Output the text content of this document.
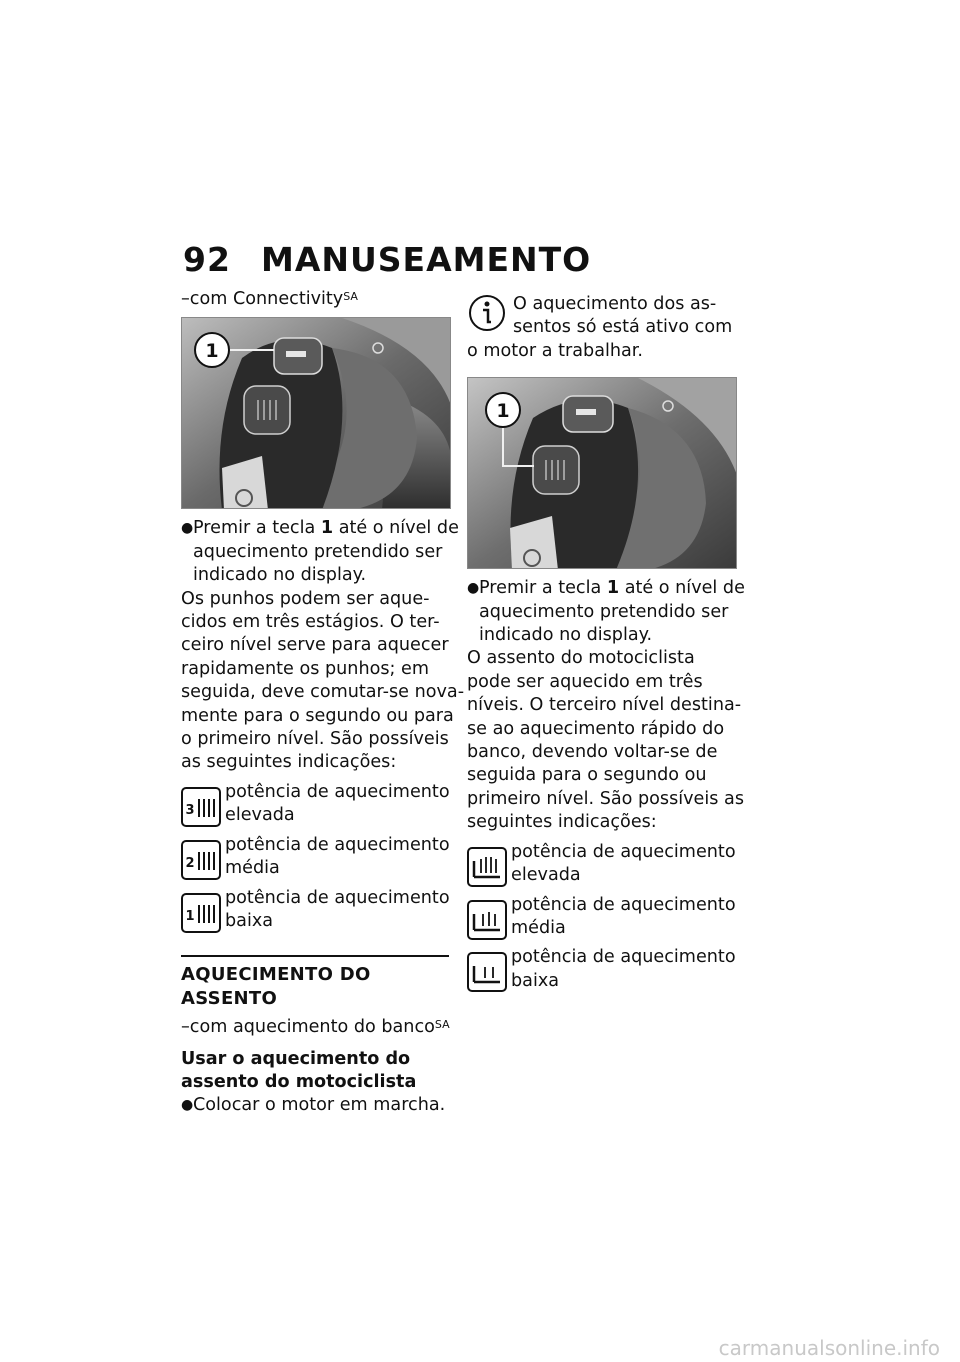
92 MANUSEAMENTO
–com Connectivity$^{SA}$
1
● Premir a tecla 1 até o nível de
aquecimento pretendido ser
indicado no display.
Os punhos podem ser aque-
cidos em três estágios. O ter-
ceiro nível serve para aquecer
rapidamente os punhos; em
seguida, deve comutar-se nova-
mente para o segundo ou para
o primeiro nível. São possíveis
as seguintes indicações:
3
potência de aquecimento
elevada
2
potência de aquecimento
média
1
potência de aquecimento
baixa
AQUECIMENTO DO ASSENTO
–com aquecimento do banco$^{SA}$
Usar o aquecimento do
assento do motociclista
● Colocar o motor em marcha.
O aquecimento dos as-
sentos só está ativo com
o motor a trabalhar.
1
● Premir a tecla 1 até o nível de
aquecimento pretendido ser
indicado no display.
O assento do motociclista
pode ser aquecido em três
níveis. O terceiro nível destina-
se ao aquecimento rápido do
banco, devendo voltar-se de
seguida para o segundo ou
primeiro nível. São possíveis as
seguintes indicações:
potência de aquecimento
elevada
potência de aquecimento
média
potência de aquecimento
baixa
carmanualsonline.info
